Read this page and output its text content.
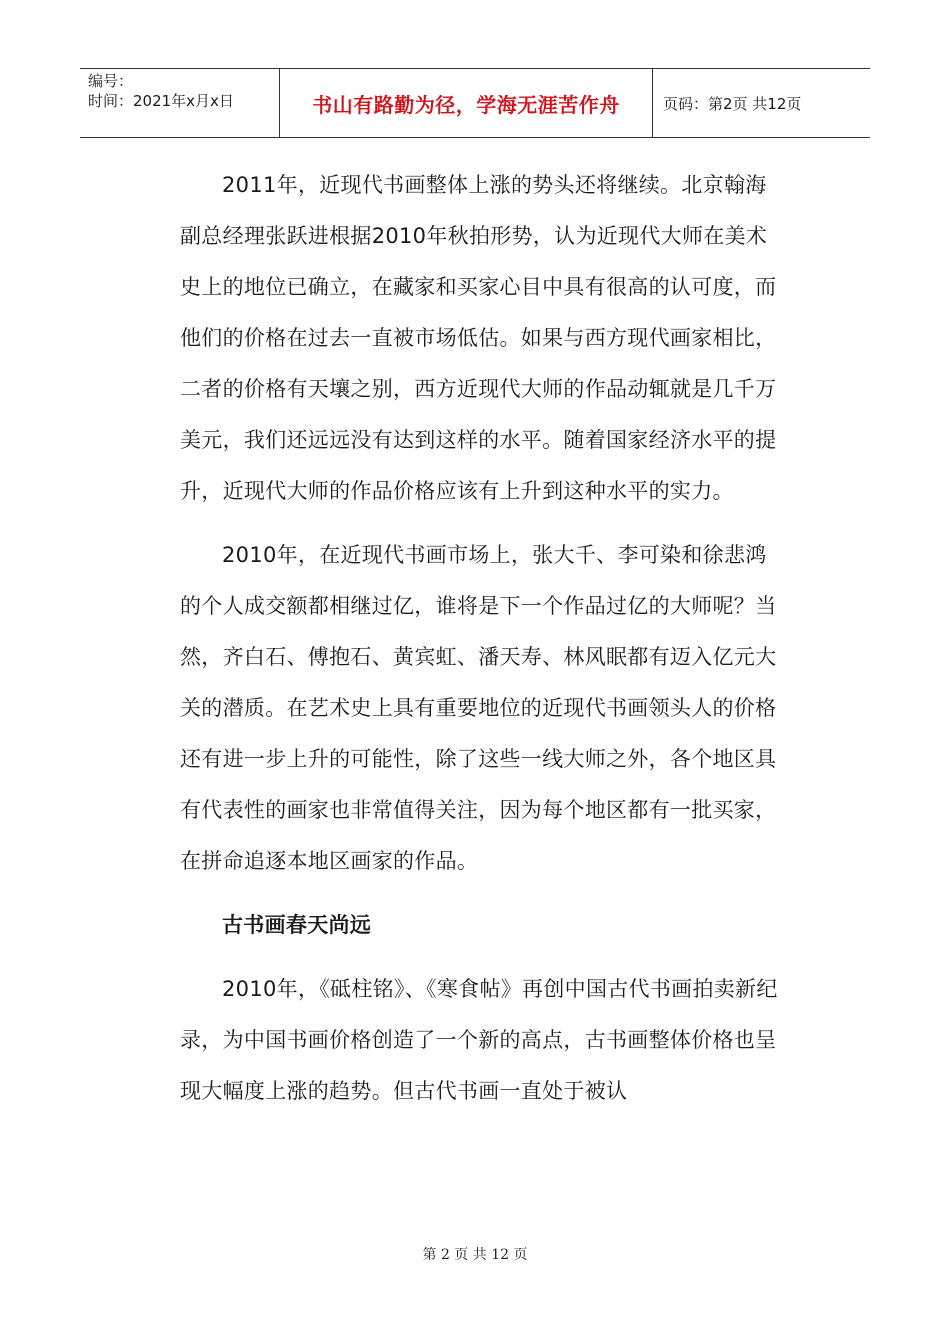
编号：
时间：2021年x月x日	书山有路勤为径，学海无涯苦作舟	页码：第2页 共12页

2011年，近现代书画整体上涨的势头还将继续。北京翰海副总经理张跃进根据2010年秋拍形势，认为近现代大师在美术史上的地位已确立，在藏家和买家心目中具有很高的认可度，而他们的价格在过去一直被市场低估。如果与西方现代画家相比，二者的价格有天壤之别，西方近现代大师的作品动辄就是几千万美元，我们还远远没有达到这样的水平。随着国家经济水平的提升，近现代大师的作品价格应该有上升到这种水平的实力。

2010年，在近现代书画市场上，张大千、李可染和徐悲鸿的个人成交额都相继过亿，谁将是下一个作品过亿的大师呢？当然，齐白石、傅抱石、黄宾虹、潘天寿、林风眠都有迈入亿元大关的潜质。在艺术史上具有重要地位的近现代书画领头人的价格还有进一步上升的可能性，除了这些一线大师之外，各个地区具有代表性的画家也非常值得关注，因为每个地区都有一批买家，在拼命追逐本地区画家的作品。

古书画春天尚远

2010年，《砥柱铭》、《寒食帖》再创中国古代书画拍卖新纪录，为中国书画价格创造了一个新的高点，古书画整体价格也呈现大幅度上涨的趋势。但古代书画一直处于被认

第 2 页 共 12 页
